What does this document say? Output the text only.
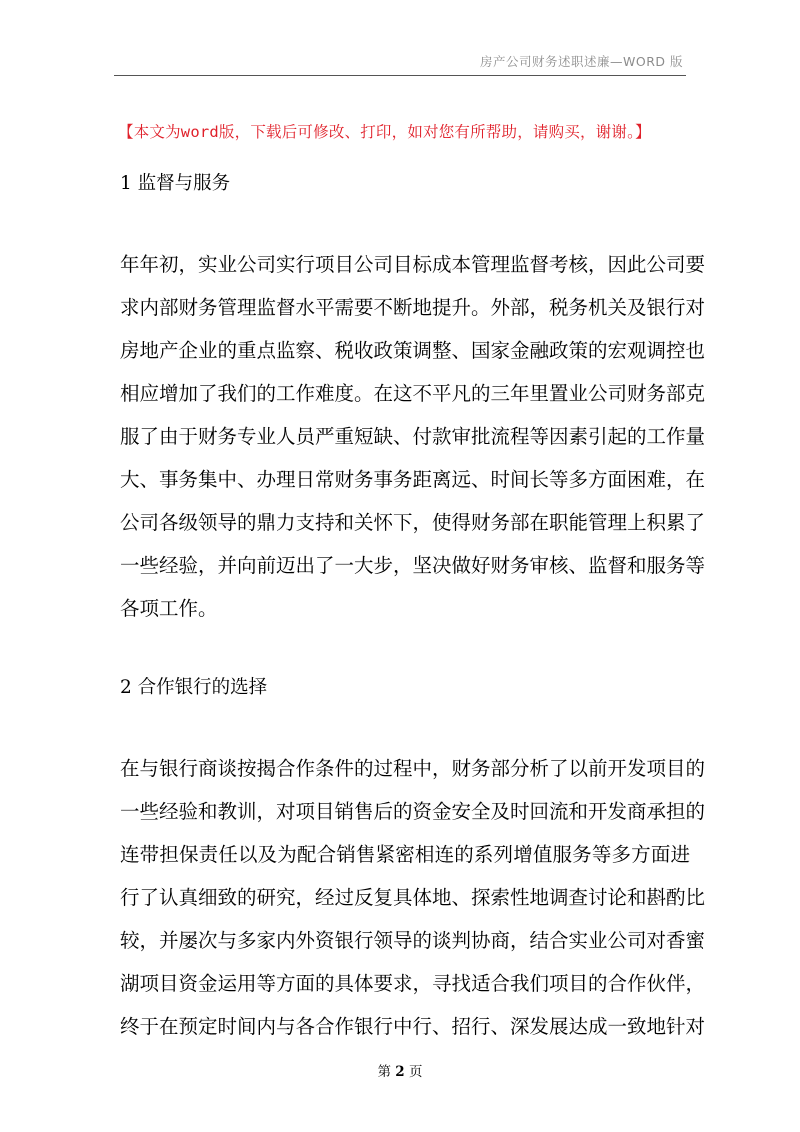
房产公司财务述职述廉—WORD 版
【本文为word版，下载后可修改、打印，如对您有所帮助，请购买，谢谢。】
1 监督与服务
年年初，实业公司实行项目公司目标成本管理监督考核，因此公司要
求内部财务管理监督水平需要不断地提升。外部，税务机关及银行对
房地产企业的重点监察、税收政策调整、国家金融政策的宏观调控也
相应增加了我们的工作难度。在这不平凡的三年里置业公司财务部克
服了由于财务专业人员严重短缺、付款审批流程等因素引起的工作量
大、事务集中、办理日常财务事务距离远、时间长等多方面困难，在
公司各级领导的鼎力支持和关怀下，使得财务部在职能管理上积累了
一些经验，并向前迈出了一大步，坚决做好财务审核、监督和服务等
各项工作。
2 合作银行的选择
在与银行商谈按揭合作条件的过程中，财务部分析了以前开发项目的
一些经验和教训，对项目销售后的资金安全及时回流和开发商承担的
连带担保责任以及为配合销售紧密相连的系列增值服务等多方面进
行了认真细致的研究，经过反复具体地、探索性地调查讨论和斟酌比
较，并屡次与多家内外资银行领导的谈判协商，结合实业公司对香蜜
湖项目资金运用等方面的具体要求，寻找适合我们项目的合作伙伴，
终于在预定时间内与各合作银行中行、招行、深发展达成一致地针对
第 2 页
